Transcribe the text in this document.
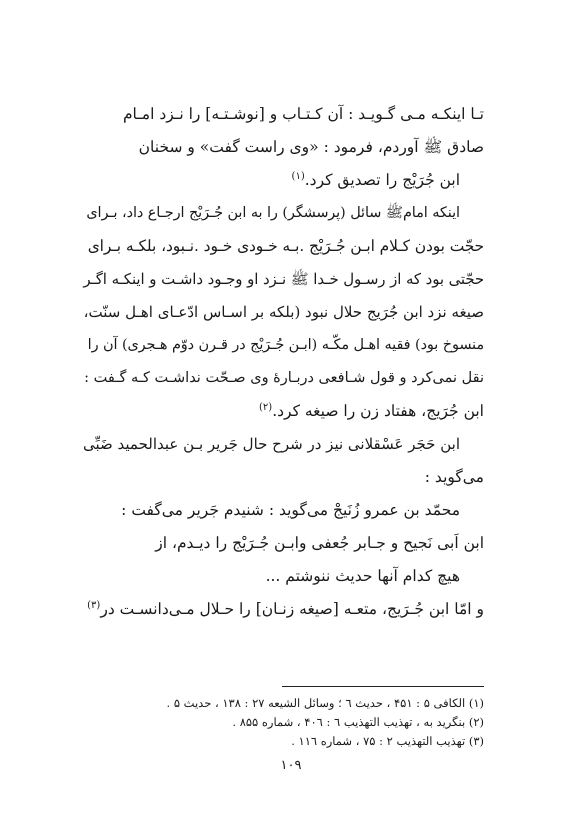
تـا اینکـه مـی گـویـد : آن کـتـاب و [نوشـتـه] را نـزد امـام
صادق ﷺ آوردم، فرمود : «وی راست گفت» و سخنان
ابن جُرَیْج را تصدیق کرد.$^{(۱)}$
اینکه امامﷺ سائل (پرسشگر) را به ابن جُـرَیْج ارجـاع داد، بـرای
حجّت بودن کـلام ابـن جُـرَیْج .بـه خـودی خـود .نـبود، بلکـه بـرای
حجّتی بود که از رسـول خـدا ﷺ نـزد او وجـود داشـت و اینکـه اگـر
صیغه نزد ابن جُرَیج حلال نبود (بلکه بر اسـاس ادّعـای اهـل سنّت،
منسوخ بود) فقیه اهـل مکّـه (ابـن جُـرَیْج در قـرن دوّم هـجری) آن را
نقل نمی‌کرد و قول شـافعی دربـارهٔ وی صـحّت نداشـت کـه گـفت :
ابن جُرَیج، هفتاد زن را صیغه کرد.$^{(۲)}$
ابن حَجَر عَسْقلانی نیز در شرح حال جَریر بـن عبدالحمید ضَبِّی
می‌گوید :
محمّد بن عمرو زُنَیجْ می‌گوید : شنیدم جَریر می‌گفت :
ابن اَبی نَجیح و جـابر جُعفی وابـن جُـرَیْج را دیـدم، از
هیچ کدام آنها حدیث ننوشتم ...
و امّا ابن جُـرَیج، متعـه [صیغه زنـان] را حـلال مـی‌دانسـت در$^{(۳)}$
(۱) الکافی ۵ : ۴۵۱ ، حدیث ٦ ؛ وسائل الشیعه ۲۷ : ۱۳۸ ، حدیث ۵ .
(۲) بنگرید به ، تهذیب التهذیب ٦ : ۴۰٦ ، شماره ۸۵۵ .
(۳) تهذیب التهذیب ۲ : ۷۵ ، شماره ۱۱٦ .
۱۰۹
